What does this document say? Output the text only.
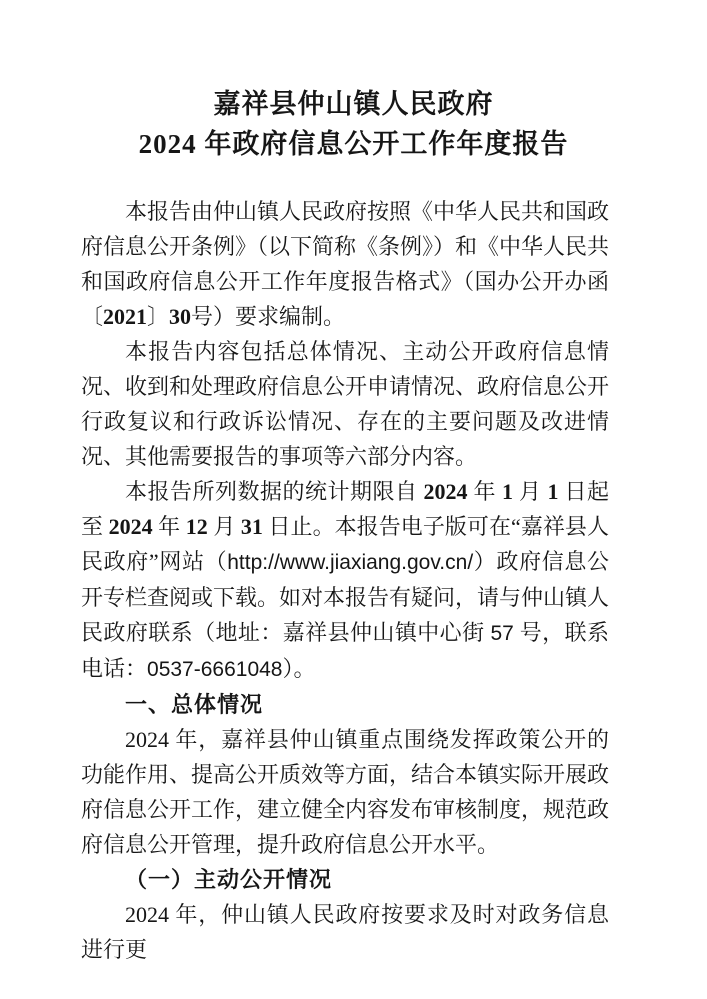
嘉祥县仲山镇人民政府
2024 年政府信息公开工作年度报告

本报告由仲山镇人民政府按照《中华人民共和国政府信息公开条例》（以下简称《条例》）和《中华人民共和国政府信息公开工作年度报告格式》（国办公开办函〔2021〕30号）要求编制。

本报告内容包括总体情况、主动公开政府信息情况、收到和处理政府信息公开申请情况、政府信息公开行政复议和行政诉讼情况、存在的主要问题及改进情况、其他需要报告的事项等六部分内容。

本报告所列数据的统计期限自 2024 年 1 月 1 日起至 2024 年 12 月 31 日止。本报告电子版可在“嘉祥县人民政府”网站（http://www.jiaxiang.gov.cn/）政府信息公开专栏查阅或下载。如对本报告有疑问，请与仲山镇人民政府联系（地址：嘉祥县仲山镇中心街 57 号，联系电话：0537-6661048）。

一、总体情况

2024 年，嘉祥县仲山镇重点围绕发挥政策公开的功能作用、提高公开质效等方面，结合本镇实际开展政府信息公开工作，建立健全内容发布审核制度，规范政府信息公开管理，提升政府信息公开水平。

（一）主动公开情况

2024 年，仲山镇人民政府按要求及时对政务信息进行更
